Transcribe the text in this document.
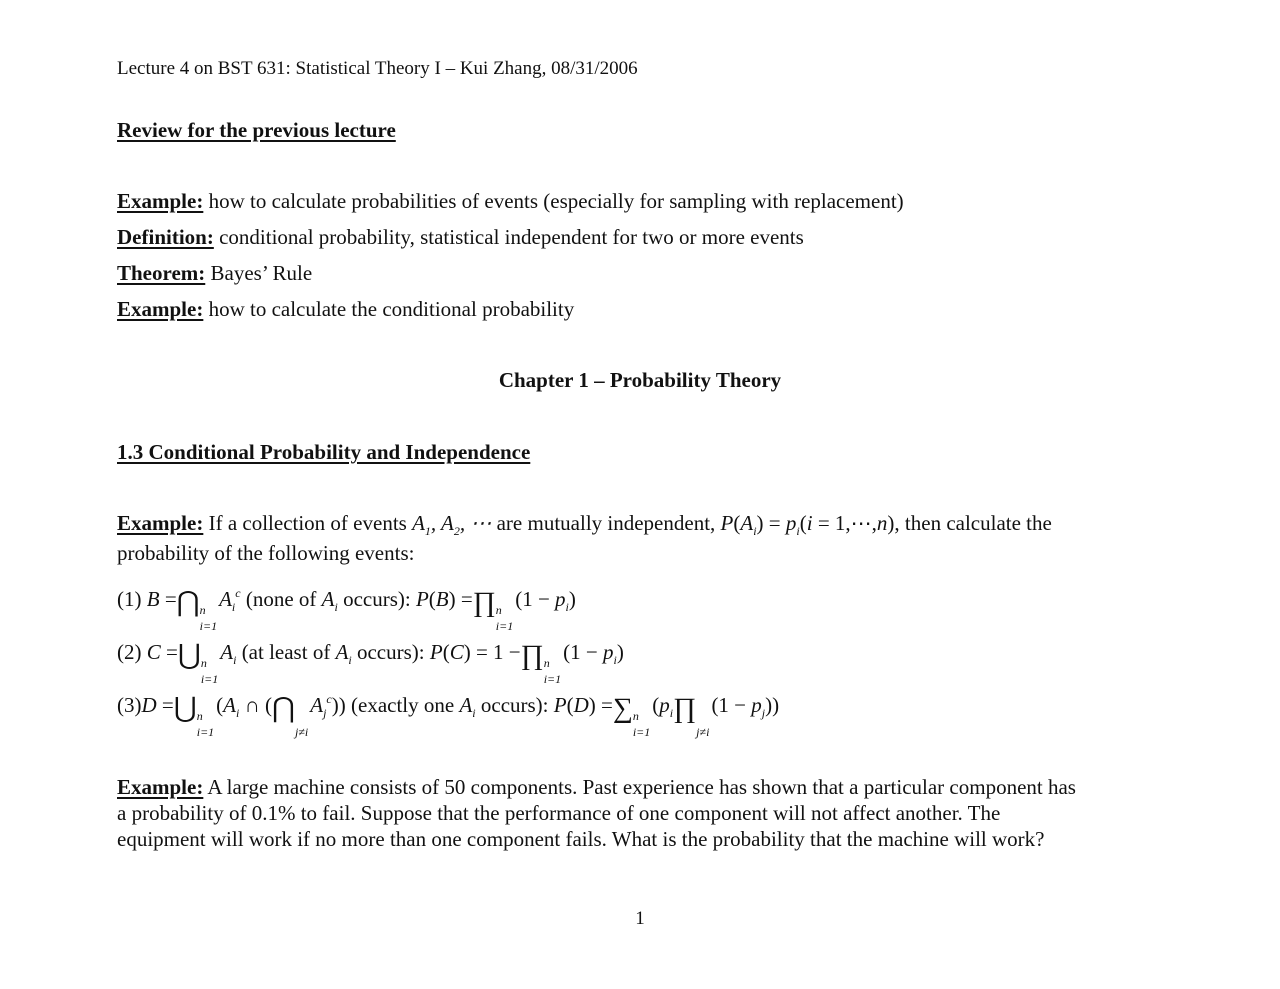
Lecture 4 on BST 631: Statistical Theory I – Kui Zhang, 08/31/2006
Review for the previous lecture
Example: how to calculate probabilities of events (especially for sampling with replacement)
Definition: conditional probability, statistical independent for two or more events
Theorem: Bayes’ Rule
Example: how to calculate the conditional probability
Chapter 1 – Probability Theory
1.3 Conditional Probability and Independence
Example: If a collection of events $A_1$, $A_2$, ⋯ are mutually independent, $P(A_i) = p_i(i$ = 1,⋯,n), then calculate the
probability of the following events:
(1) B =⋂ n
i=1
$A_i^c$ (none of $A_i$ occurs): P(B) =∏ n
i=1
$(1 - p_i)$
(2) C =⋃ n
i=1
$A_i$ (at least of $A_i$ occurs): P(C) = 1 −∏ n
i=1
$(1 - p_i)$
(3)D =⋃ n
i=1
($A_i$ ∩ (⋂

j≠i
$A_j^c$)) (exactly one $A_i$ occurs): P(D) =∑ n
i=1
($p_i\prod$

j≠i
$(1 - p_j)$)
Example: A large machine consists of 50 components. Past experience has shown that a particular component has
a probability of 0.1% to fail. Suppose that the performance of one component will not affect another. The
equipment will work if no more than one component fails. What is the probability that the machine will work?
1
